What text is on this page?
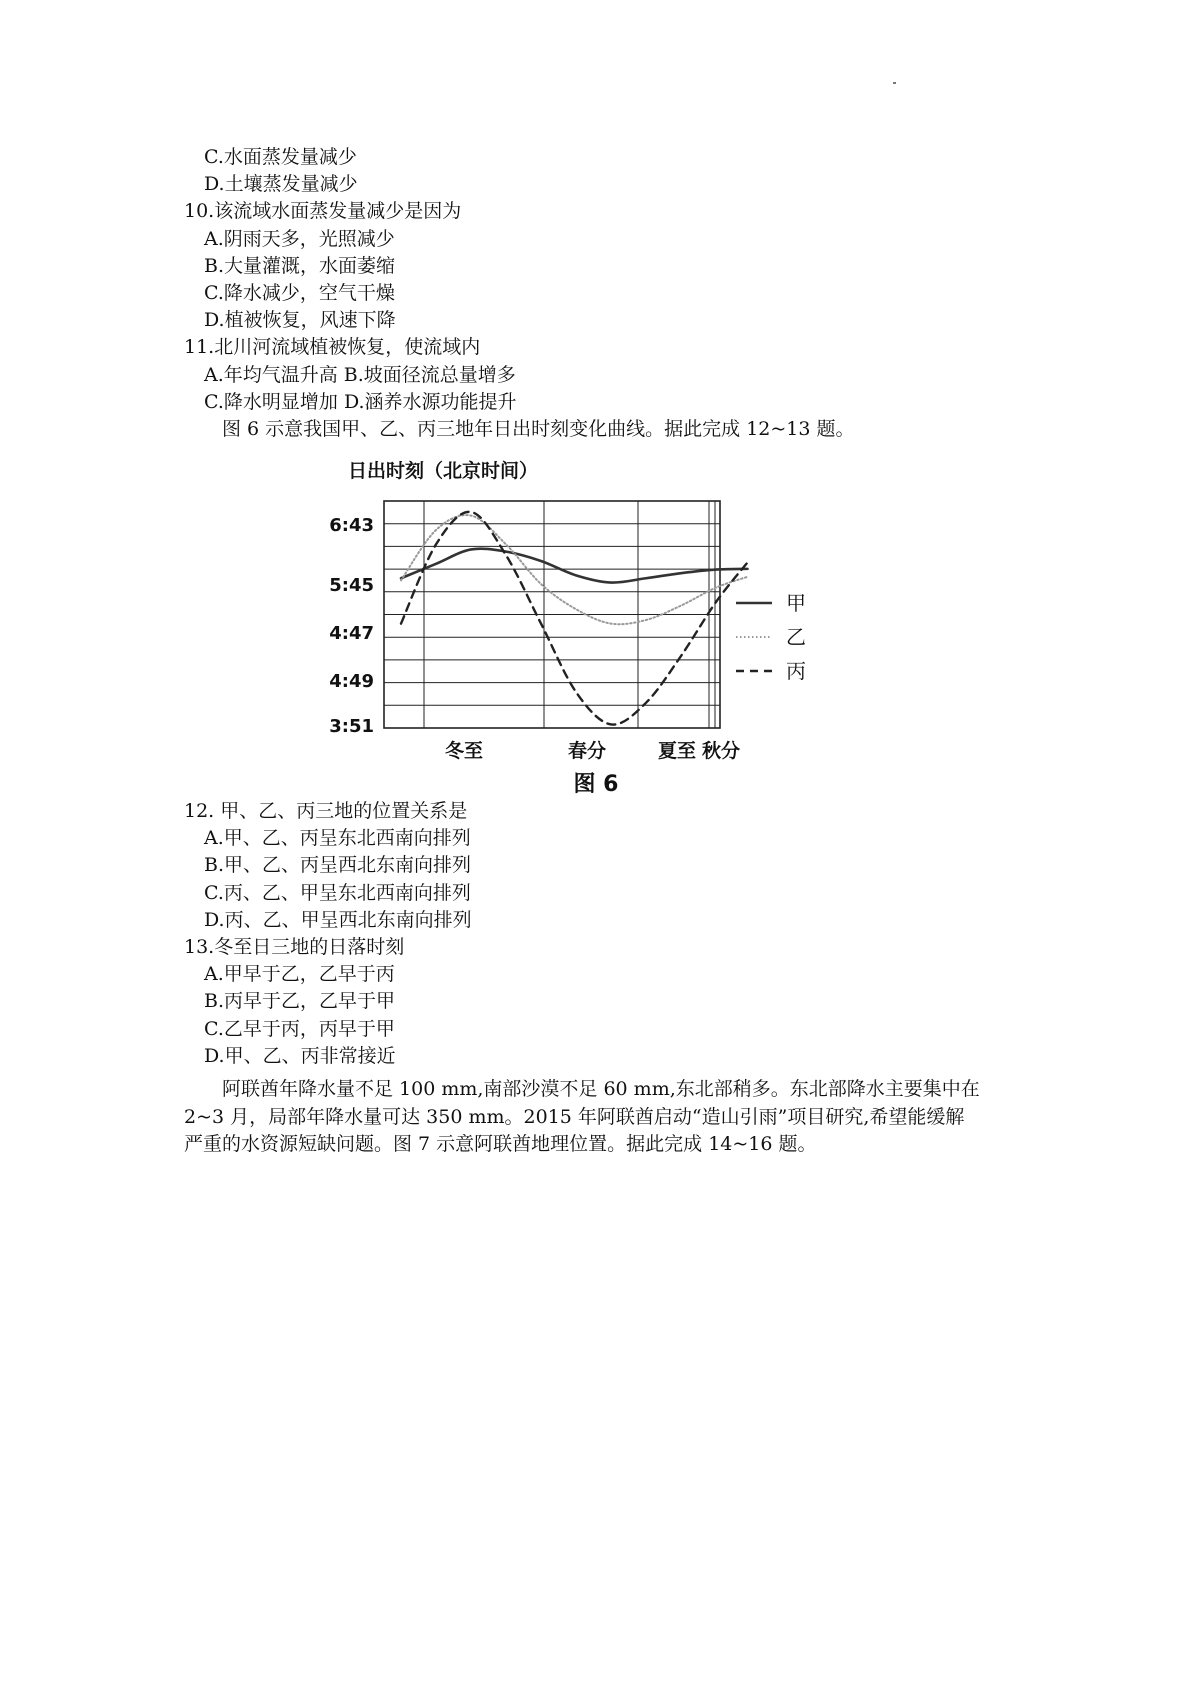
C.水面蒸发量减少
D.土壤蒸发量减少
10.该流域水面蒸发量减少是因为
A.阴雨天多，光照减少
B.大量灌溉，水面萎缩
C.降水减少，空气干燥
D.植被恢复，风速下降
11.北川河流域植被恢复，使流域内
A.年均气温升高 B.坡面径流总量增多
C.降水明显增加 D.涵养水源功能提升
图 6 示意我国甲、乙、丙三地年日出时刻变化曲线。据此完成 12~13 题。
日出时刻（北京时间）
6:43
5:45
4:47
4:49
3:51
冬至	春分	夏至 秋分
甲
乙
丙
图 6
12. 甲、乙、丙三地的位置关系是
A.甲、乙、丙呈东北西南向排列
B.甲、乙、丙呈西北东南向排列
C.丙、乙、甲呈东北西南向排列
D.丙、乙、甲呈西北东南向排列
13.冬至日三地的日落时刻
A.甲早于乙，乙早于丙
B.丙早于乙，乙早于甲
C.乙早于丙，丙早于甲
D.甲、乙、丙非常接近
阿联酋年降水量不足 100 mm,南部沙漠不足 60 mm,东北部稍多。东北部降水主要集中在
2~3 月，局部年降水量可达 350 mm。2015 年阿联酋启动“造山引雨”项目研究,希望能缓解
严重的水资源短缺问题。图 7 示意阿联酋地理位置。据此完成 14~16 题。
